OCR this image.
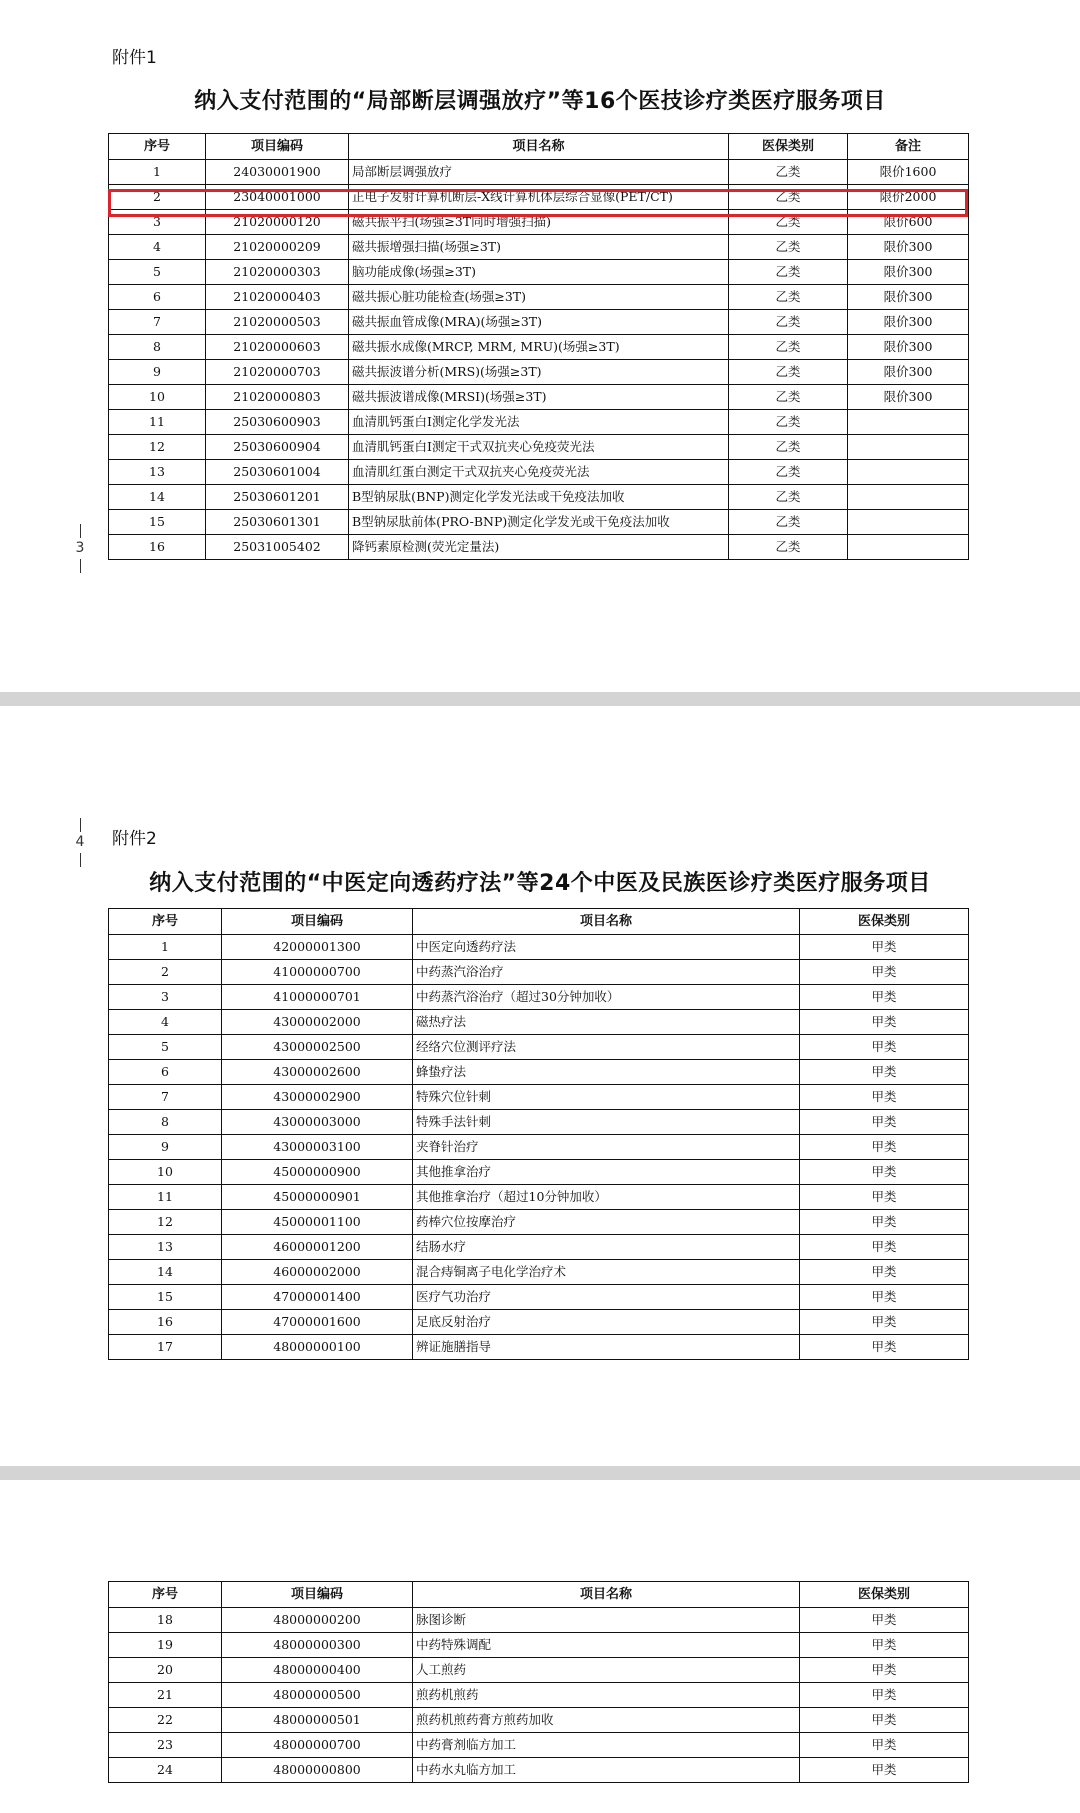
附件1
纳入支付范围的“局部断层调强放疗”等16个医技诊疗类医疗服务项目
3
序号	项目编码	项目名称	医保类别	备注
1	24030001900	局部断层调强放疗	乙类	限价1600
2	23040001000	正电子发射计算机断层-X线计算机体层综合显像(PET/CT)	乙类	限价2000
3	21020000120	磁共振平扫(场强≥3T同时增强扫描)	乙类	限价600
4	21020000209	磁共振增强扫描(场强≥3T)	乙类	限价300
5	21020000303	脑功能成像(场强≥3T)	乙类	限价300
6	21020000403	磁共振心脏功能检查(场强≥3T)	乙类	限价300
7	21020000503	磁共振血管成像(MRA)(场强≥3T)	乙类	限价300
8	21020000603	磁共振水成像(MRCP, MRM, MRU)(场强≥3T)	乙类	限价300
9	21020000703	磁共振波谱分析(MRS)(场强≥3T)	乙类	限价300
10	21020000803	磁共振波谱成像(MRSI)(场强≥3T)	乙类	限价300
11	25030600903	血清肌钙蛋白Ⅰ测定化学发光法	乙类	
12	25030600904	血清肌钙蛋白Ⅰ测定干式双抗夹心免疫荧光法	乙类	
13	25030601004	血清肌红蛋白测定干式双抗夹心免疫荧光法	乙类	
14	25030601201	B型钠尿肽(BNP)测定化学发光法或干免疫法加收	乙类	
15	25030601301	B型钠尿肽前体(PRO-BNP)测定化学发光或干免疫法加收	乙类	
16	25031005402	降钙素原检测(荧光定量法)	乙类	
4 附件2
纳入支付范围的“中医定向透药疗法”等24个中医及民族医诊疗类医疗服务项目
序号	项目编码	项目名称	医保类别
1	42000001300	中医定向透药疗法	甲类
2	41000000700	中药蒸汽浴治疗	甲类
3	41000000701	中药蒸汽浴治疗（超过30分钟加收）	甲类
4	43000002000	磁热疗法	甲类
5	43000002500	经络穴位测评疗法	甲类
6	43000002600	蜂蛰疗法	甲类
7	43000002900	特殊穴位针刺	甲类
8	43000003000	特殊手法针刺	甲类
9	43000003100	夹脊针治疗	甲类
10	45000000900	其他推拿治疗	甲类
11	45000000901	其他推拿治疗（超过10分钟加收）	甲类
12	45000001100	药棒穴位按摩治疗	甲类
13	46000001200	结肠水疗	甲类
14	46000002000	混合痔铜离子电化学治疗术	甲类
15	47000001400	医疗气功治疗	甲类
16	47000001600	足底反射治疗	甲类
17	48000000100	辨证施膳指导	甲类
序号	项目编码	项目名称	医保类别
18	48000000200	脉图诊断	甲类
19	48000000300	中药特殊调配	甲类
20	48000000400	人工煎药	甲类
21	48000000500	煎药机煎药	甲类
22	48000000501	煎药机煎药膏方煎药加收	甲类
23	48000000700	中药膏剂临方加工	甲类
24	48000000800	中药水丸临方加工	甲类
